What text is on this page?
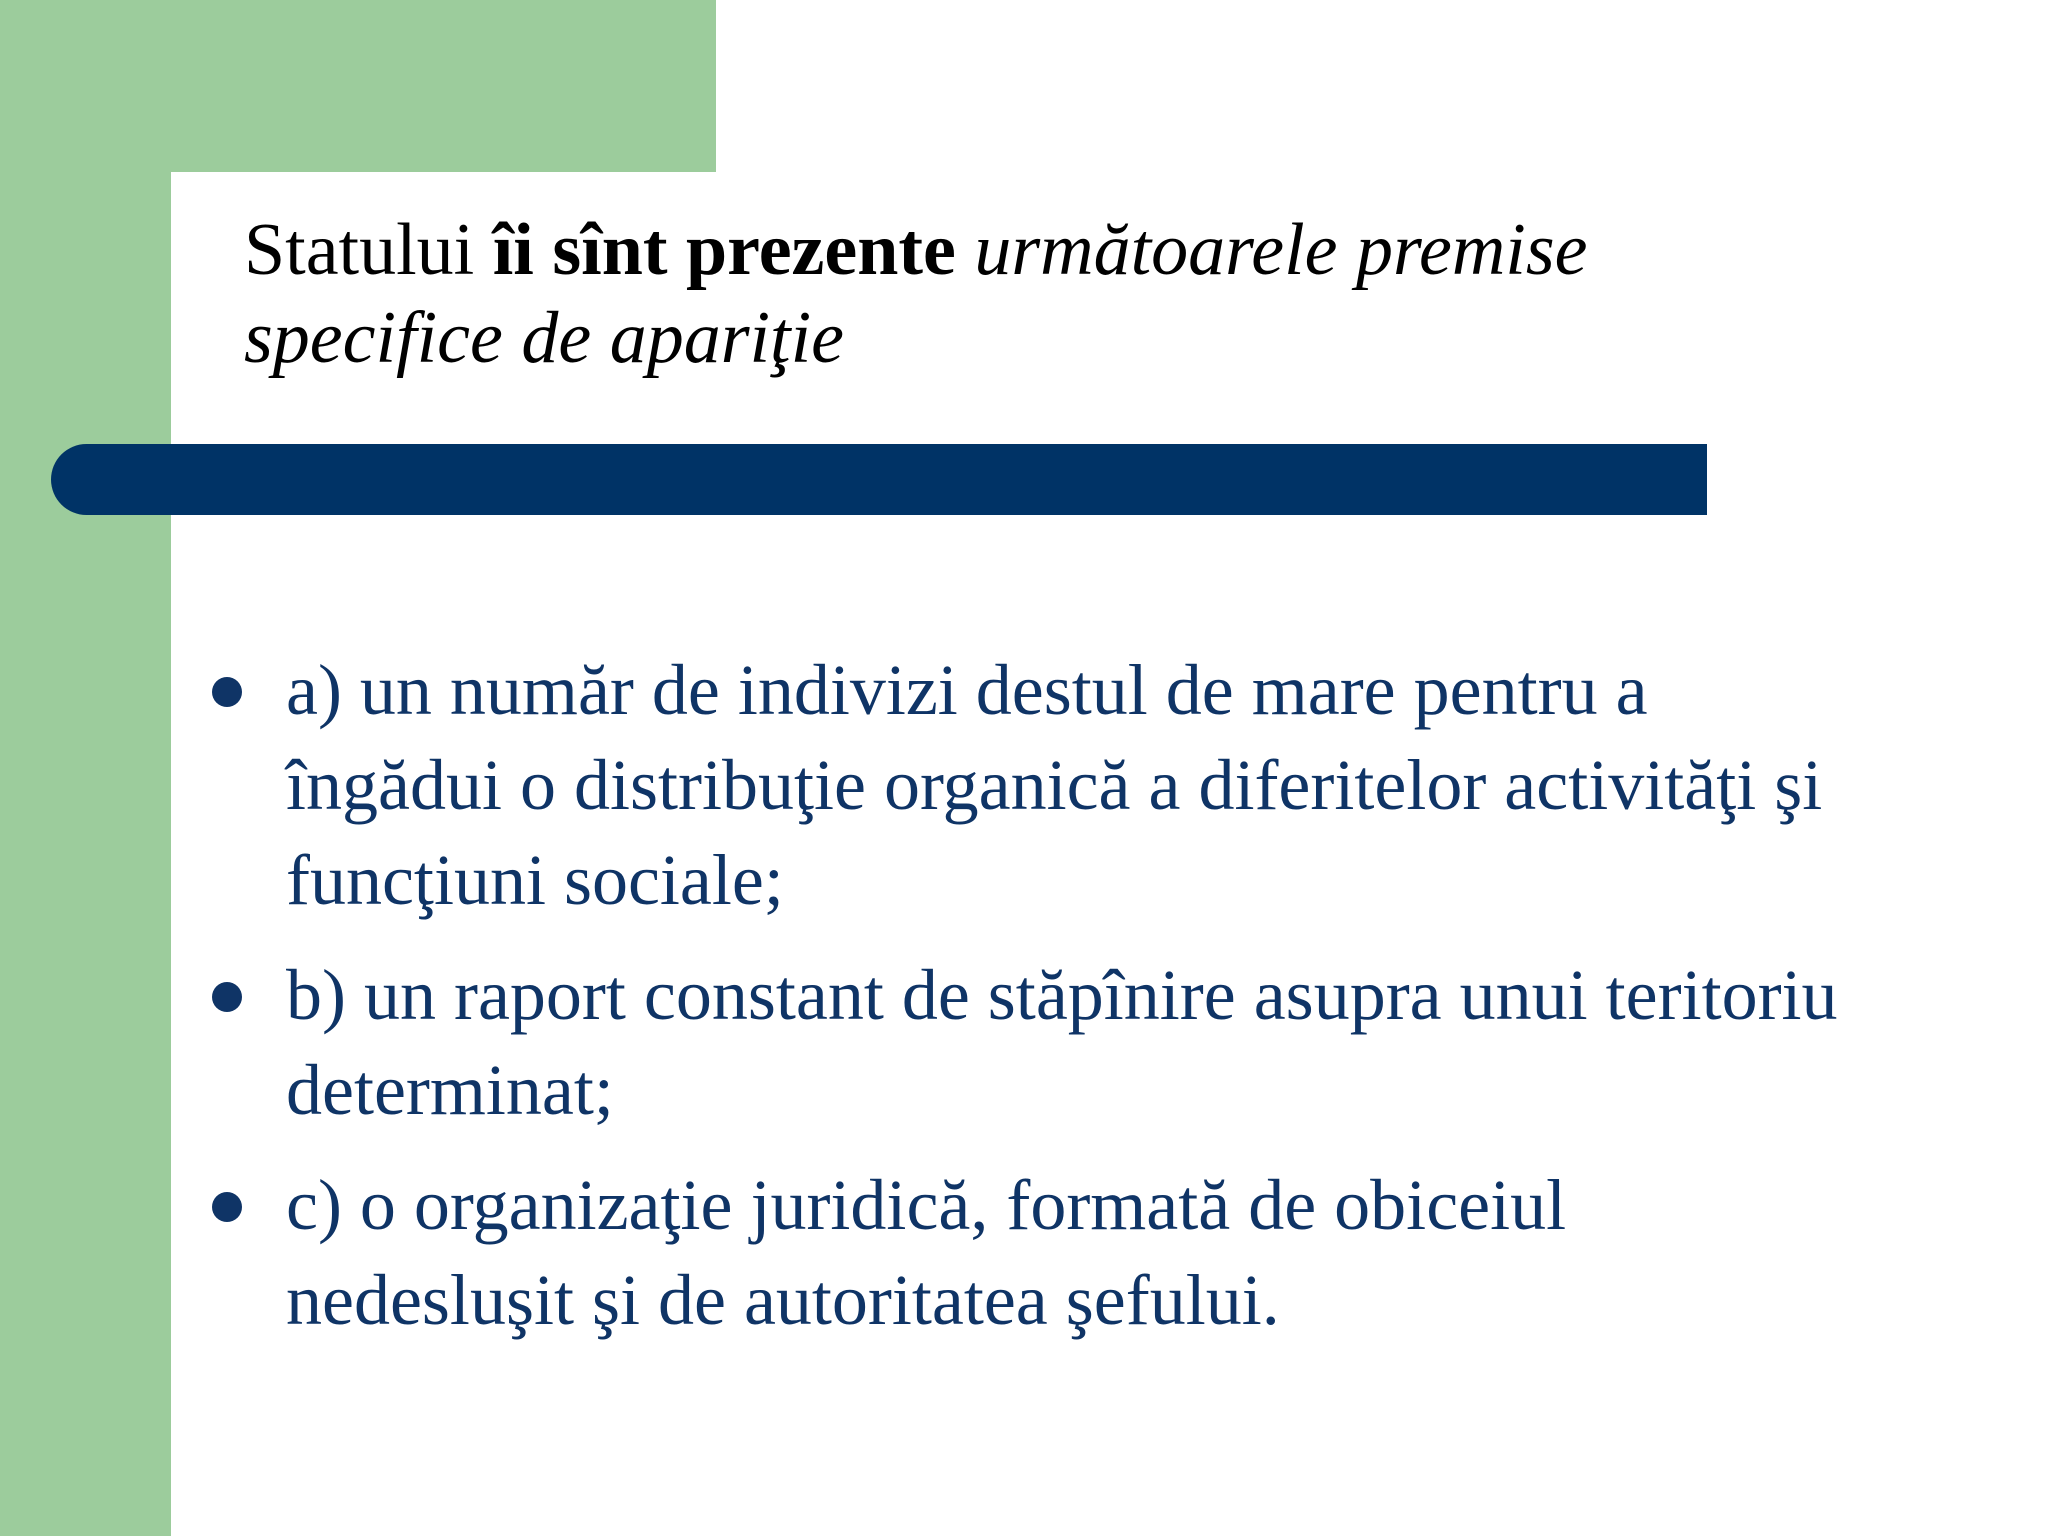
Statului îi sînt prezente următoarele premise specifice de apariţie
a) un număr de indivizi destul de mare pentru a îngădui o distribuţie organică a diferitelor activităţi şi funcţiuni sociale;
b) un raport constant de stăpînire asupra unui teritoriu determinat;
c) o organizaţie juridică, formată de obiceiul nedesluşit şi de autoritatea şefului.
